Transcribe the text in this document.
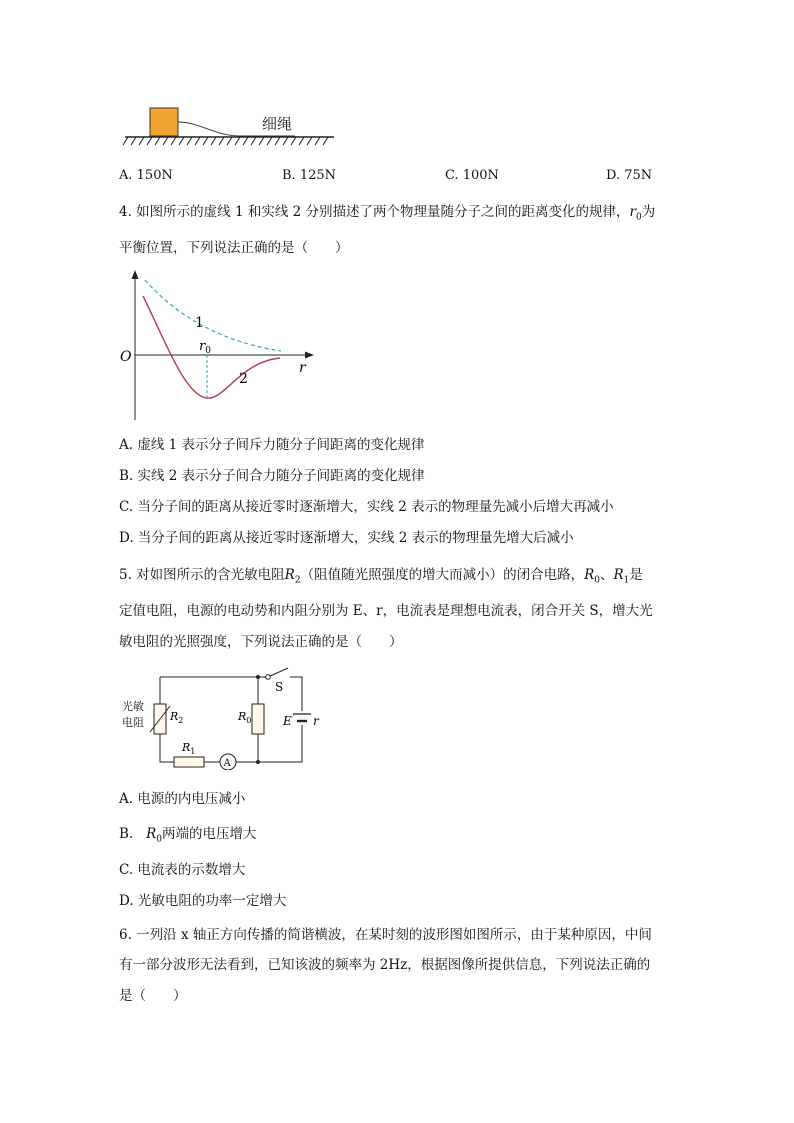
细绳
A. 150N	B. 125N	C. 100N	D. 75N
4. 如图所示的虚线 1 和实线 2 分别描述了两个物理量随分子之间的距离变化的规律，$r_0$为
平衡位置，下列说法正确的是（　　）
O
r
$r_0$
1
2
A. 虚线 1 表示分子间斥力随分子间距离的变化规律
B. 实线 2 表示分子间合力随分子间距离的变化规律
C. 当分子间的距离从接近零时逐渐增大，实线 2 表示的物理量先减小后增大再减小
D. 当分子间的距离从接近零时逐渐增大，实线 2 表示的物理量先增大后减小
5. 对如图所示的含光敏电阻$R_2$（阻值随光照强度的增大而减小）的闭合电路，$R_0$、$R_1$是
定值电阻，电源的电动势和内阻分别为 E、r，电流表是理想电流表，闭合开关 S，增大光
敏电阻的光照强度，下列说法正确的是（　　）
A
光敏
电阻 $R_2$	$R_0$
$R_1$
S
E r
A. 电源的内电压减小
B. $R_0$两端的电压增大
C. 电流表的示数增大
D. 光敏电阻的功率一定增大
6. 一列沿 x 轴正方向传播的简谐横波，在某时刻的波形图如图所示，由于某种原因，中间
有一部分波形无法看到，已知该波的频率为 2Hz，根据图像所提供信息，下列说法正确的
是（　　）
